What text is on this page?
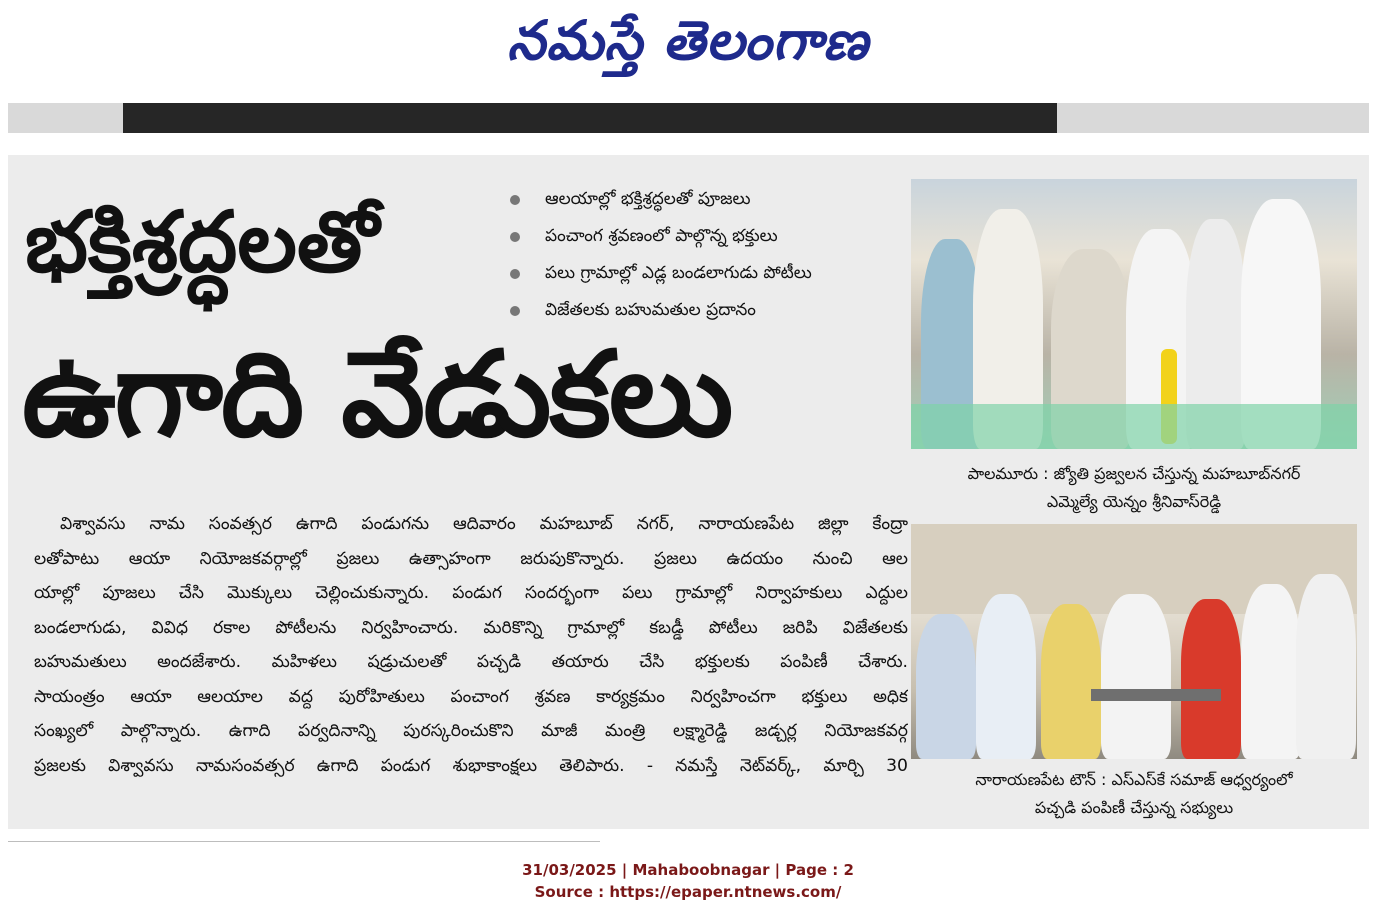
నమస్తే తెలంగాణ
భక్తిశ్రద్ధలతో
ఉగాది వేడుకలు
ఆలయాల్లో భక్తిశ్రద్ధలతో పూజలు
పంచాంగ శ్రవణంలో పాల్గొన్న భక్తులు
పలు గ్రామాల్లో ఎడ్ల బండలాగుడు పోటీలు
విజేతలకు బహుమతుల ప్రదానం
విశ్వావసు నామ సంవత్సర ఉగాది పండుగను ఆదివారం మహబూబ్ నగర్, నారాయణపేట జిల్లా కేంద్రా
లతోపాటు ఆయా నియోజకవర్గాల్లో ప్రజలు ఉత్సాహంగా జరుపుకొన్నారు. ప్రజలు ఉదయం నుంచి ఆల
యాల్లో పూజలు చేసి మొక్కులు చెల్లించుకున్నారు. పండుగ సందర్భంగా పలు గ్రామాల్లో నిర్వాహకులు ఎద్దుల
బండలాగుడు, వివిధ రకాల పోటీలను నిర్వహించారు. మరికొన్ని గ్రామాల్లో కబడ్డీ పోటీలు జరిపి విజేతలకు
బహుమతులు అందజేశారు. మహిళలు షడ్రుచులతో పచ్చడి తయారు చేసి భక్తులకు పంపిణీ చేశారు.
సాయంత్రం ఆయా ఆలయాల వద్ద పురోహితులు పంచాంగ శ్రవణ కార్యక్రమం నిర్వహించగా భక్తులు అధిక
సంఖ్యలో పాల్గొన్నారు. ఉగాది పర్వదినాన్ని పురస్కరించుకొని మాజీ మంత్రి లక్ష్మారెడ్డి జడ్చర్ల నియోజకవర్గ
ప్రజలకు విశ్వావసు నామసంవత్సర ఉగాది పండుగ శుభాకాంక్షలు తెలిపారు. - నమస్తే నెట్‌వర్క్, మార్చి 30
పాలమూరు : జ్యోతి ప్రజ్వలన చేస్తున్న మహబూబ్‌నగర్
ఎమ్మెల్యే యెన్నం శ్రీనివాస్‌రెడ్డి
నారాయణపేట టౌన్ : ఎస్ఎస్‌కే సమాజ్ ఆధ్వర్యంలో
పచ్చడి పంపిణీ చేస్తున్న సభ్యులు
31/03/2025 | Mahaboobnagar | Page : 2
Source : https://epaper.ntnews.com/
